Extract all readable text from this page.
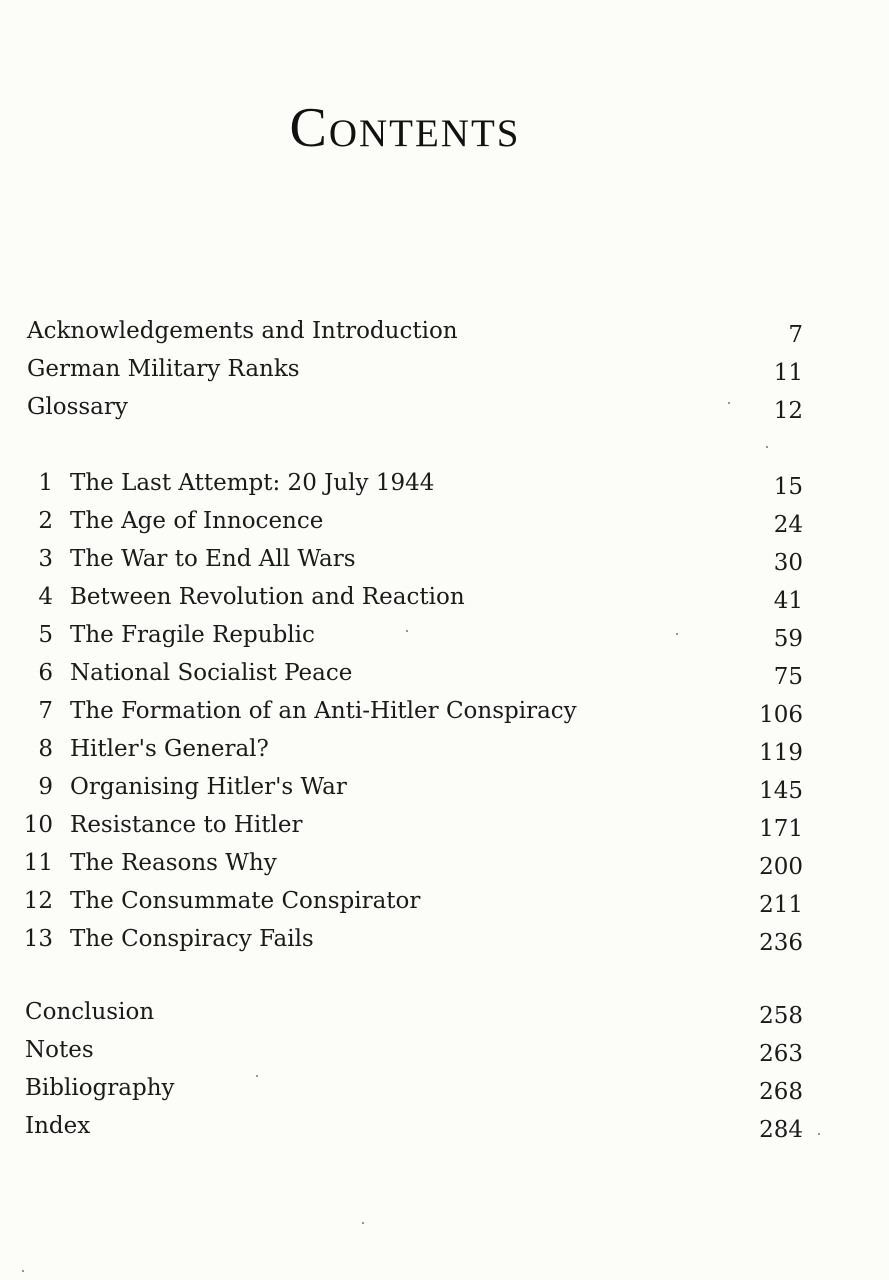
Contents
Acknowledgements and Introduction	7
German Military Ranks	11
Glossary	12
1 The Last Attempt: 20 July 1944	15
2 The Age of Innocence	24
3 The War to End All Wars	30
4 Between Revolution and Reaction	41
5 The Fragile Republic	59
6 National Socialist Peace	75
7 The Formation of an Anti-Hitler Conspiracy	106
8 Hitler's General?	119
9 Organising Hitler's War	145
10 Resistance to Hitler	171
11 The Reasons Why	200
12 The Consummate Conspirator	211
13 The Conspiracy Fails	236
Conclusion	258
Notes	263
Bibliography	268
Index	284
